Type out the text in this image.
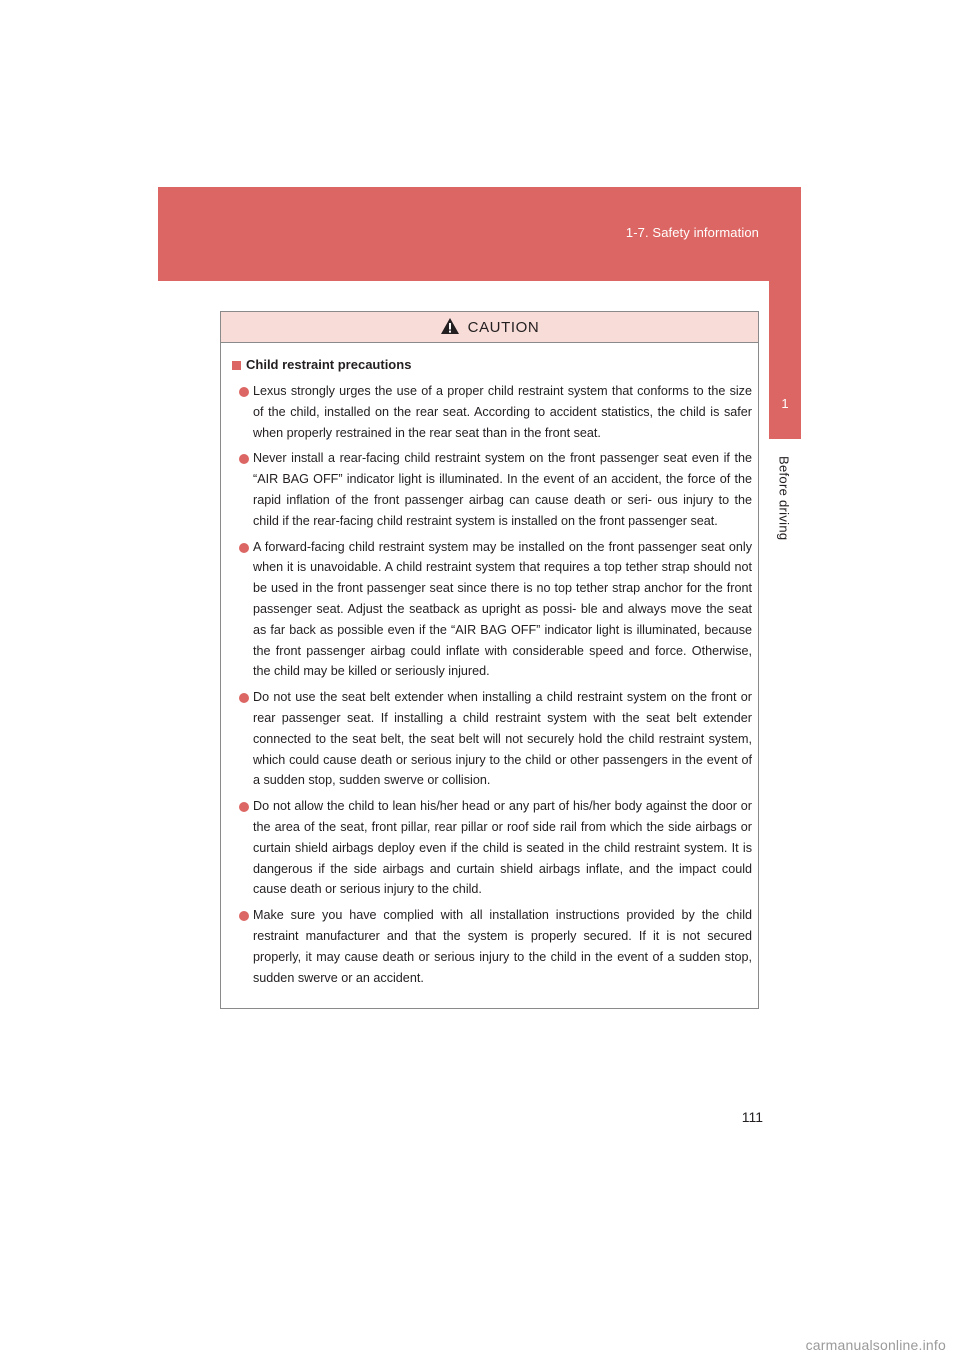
1-7. Safety information
1
Before driving
CAUTION
Child restraint precautions
Lexus strongly urges the use of a proper child restraint system that conforms to the size of the child, installed on the rear seat. According to accident statistics, the child is safer when properly restrained in the rear seat than in the front seat.
Never install a rear-facing child restraint system on the front passenger seat even if the “AIR BAG OFF” indicator light is illuminated. In the event of an accident, the force of the rapid inflation of the front passenger airbag can cause death or seri- ous injury to the child if the rear-facing child restraint system is installed on the front passenger seat.
A forward-facing child restraint system may be installed on the front passenger seat only when it is unavoidable. A child restraint system that requires a top tether strap should not be used in the front passenger seat since there is no top tether strap anchor for the front passenger seat. Adjust the seatback as upright as possi- ble and always move the seat as far back as possible even if the “AIR BAG OFF” indicator light is illuminated, because the front passenger airbag could inflate with considerable speed and force. Otherwise, the child may be killed or seriously injured.
Do not use the seat belt extender when installing a child restraint system on the front or rear passenger seat. If installing a child restraint system with the seat belt extender connected to the seat belt, the seat belt will not securely hold the child restraint system, which could cause death or serious injury to the child or other passengers in the event of a sudden stop, sudden swerve or collision.
Do not allow the child to lean his/her head or any part of his/her body against the door or the area of the seat, front pillar, rear pillar or roof side rail from which the side airbags or curtain shield airbags deploy even if the child is seated in the child restraint system. It is dangerous if the side airbags and curtain shield airbags inflate, and the impact could cause death or serious injury to the child.
Make sure you have complied with all installation instructions provided by the child restraint manufacturer and that the system is properly secured. If it is not secured properly, it may cause death or serious injury to the child in the event of a sudden stop, sudden swerve or an accident.
111
carmanualsonline.info
